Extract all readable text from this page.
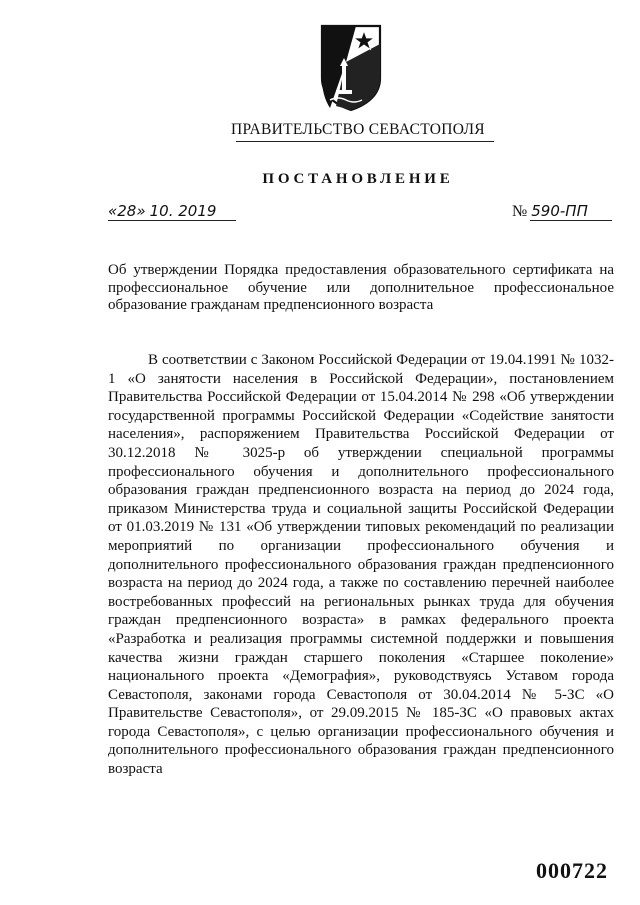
ПРАВИТЕЛЬСТВО СЕВАСТОПОЛЯ
ПОСТАНОВЛЕНИЕ
«28» 10. 2019	№ 590-ПП
Об утверждении Порядка предоставления образовательного сертификата на профессиональное обучение или дополнительное профессиональное образование гражданам предпенсионного возраста
В соответствии с Законом Российской Федерации от 19.04.1991 № 1032-1 «О занятости населения в Российской Федерации», постановлением Правительства Российской Федерации от 15.04.2014 № 298 «Об утверждении государственной программы Российской Федерации «Содействие занятости населения», распоряжением Правительства Российской Федерации от 30.12.2018 № 3025-р об утверждении специальной программы профессионального обучения и дополнительного профессионального образования граждан предпенсионного возраста на период до 2024 года, приказом Министерства труда и социальной защиты Российской Федерации от 01.03.2019 № 131 «Об утверждении типовых рекомендаций по реализации мероприятий по организации профессионального обучения и дополнительного профессионального образования граждан предпенсионного возраста на период до 2024 года, а также по составлению перечней наиболее востребованных профессий на региональных рынках труда для обучения граждан предпенсионного возраста» в рамках федерального проекта «Разработка и реализация программы системной поддержки и повышения качества жизни граждан старшего поколения «Старшее поколение» национального проекта «Демография», руководствуясь Уставом города Севастополя, законами города Севастополя от 30.04.2014 № 5-ЗС «О Правительстве Севастополя», от 29.09.2015 № 185-ЗС «О правовых актах города Севастополя», с целью организации профессионального обучения и дополнительного профессионального образования граждан предпенсионного возраста
000722
